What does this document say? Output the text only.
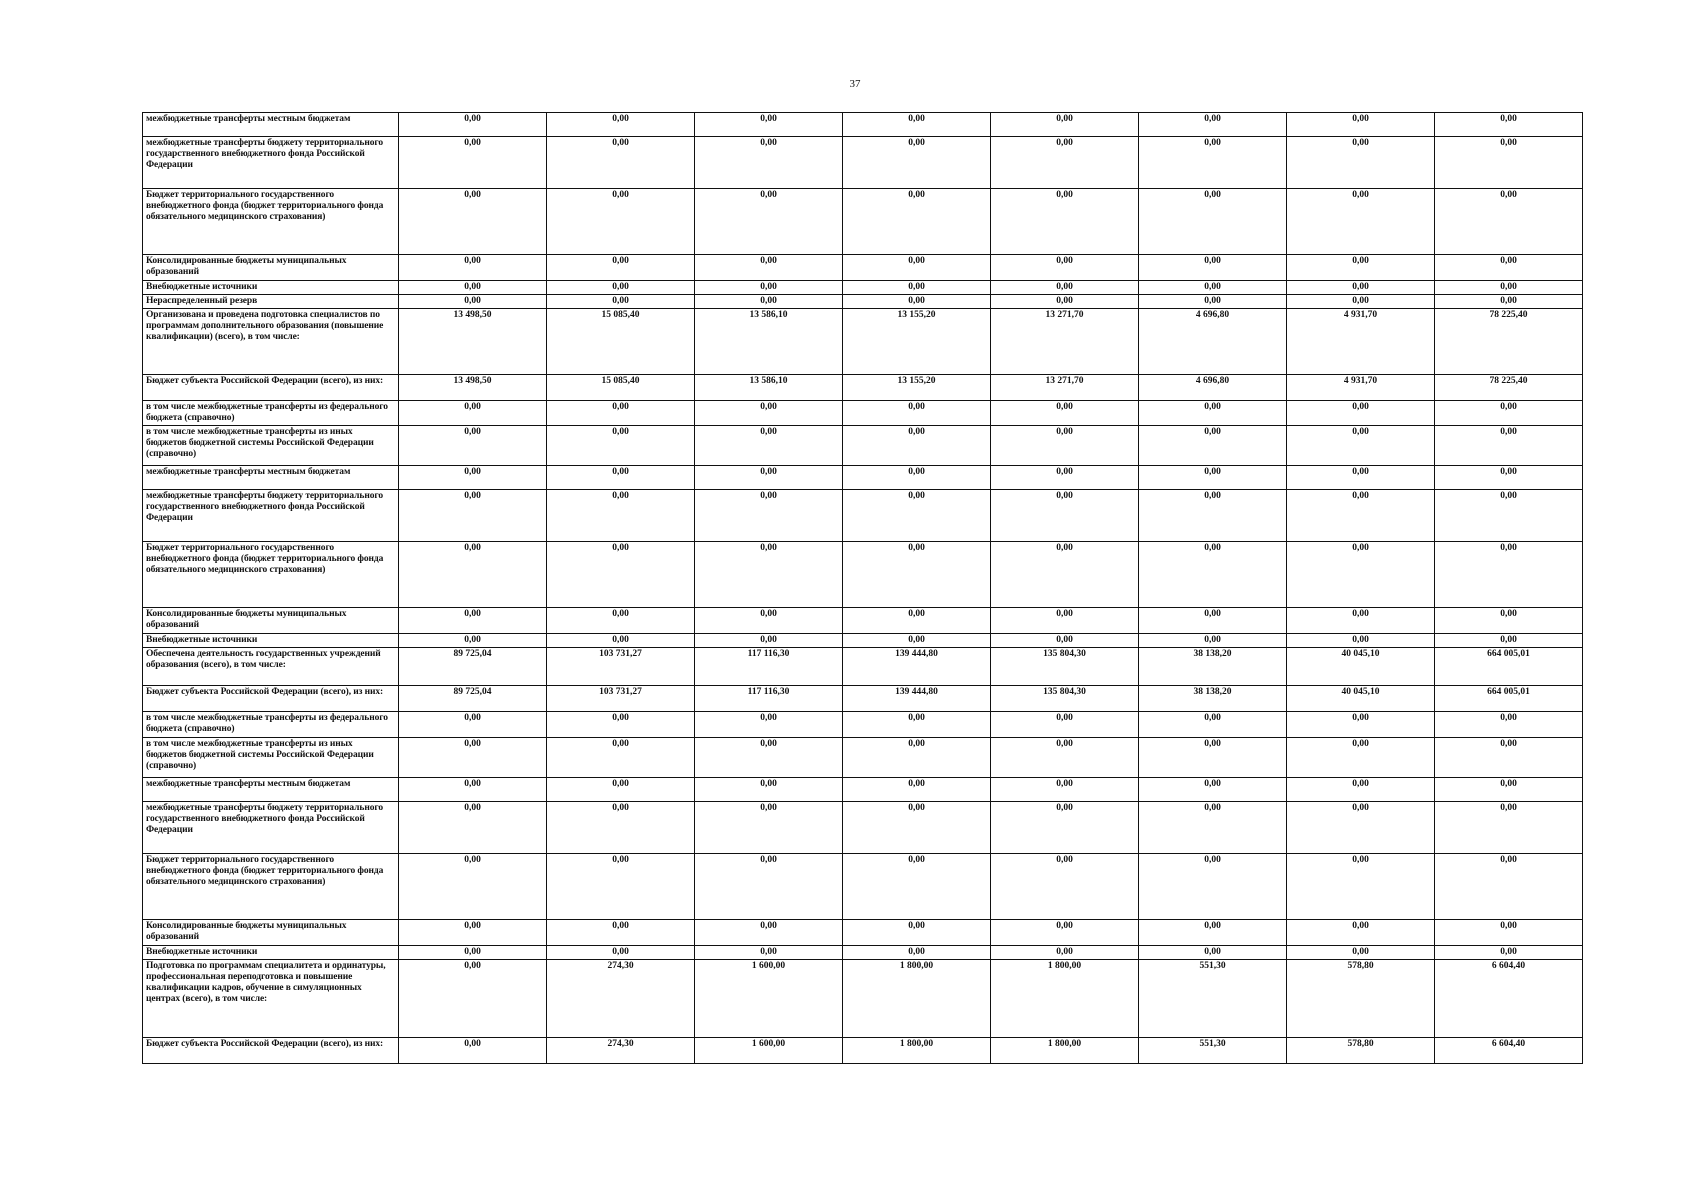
37
межбюджетные трансферты местным бюджетам	0,00	0,00	0,00	0,00	0,00	0,00	0,00	0,00
межбюджетные трансферты бюджету территориального государственного внебюджетного фонда Российской Федерации	0,00	0,00	0,00	0,00	0,00	0,00	0,00	0,00
Бюджет территориального государственного внебюджетного фонда (бюджет территориального фонда обязательного медицинского страхования)	0,00	0,00	0,00	0,00	0,00	0,00	0,00	0,00
Консолидированные бюджеты муниципальных образований	0,00	0,00	0,00	0,00	0,00	0,00	0,00	0,00
Внебюджетные источники	0,00	0,00	0,00	0,00	0,00	0,00	0,00	0,00
Нераспределенный резерв	0,00	0,00	0,00	0,00	0,00	0,00	0,00	0,00
Организована и проведена подготовка специалистов по программам дополнительного образования (повышение квалификации) (всего), в том числе:	13 498,50	15 085,40	13 586,10	13 155,20	13 271,70	4 696,80	4 931,70	78 225,40
Бюджет субъекта Российской Федерации (всего), из них:	13 498,50	15 085,40	13 586,10	13 155,20	13 271,70	4 696,80	4 931,70	78 225,40
в том числе межбюджетные трансферты из федерального бюджета (справочно)	0,00	0,00	0,00	0,00	0,00	0,00	0,00	0,00
в том числе межбюджетные трансферты из иных бюджетов бюджетной системы Российской Федерации (справочно)	0,00	0,00	0,00	0,00	0,00	0,00	0,00	0,00
межбюджетные трансферты местным бюджетам	0,00	0,00	0,00	0,00	0,00	0,00	0,00	0,00
межбюджетные трансферты бюджету территориального государственного внебюджетного фонда Российской Федерации	0,00	0,00	0,00	0,00	0,00	0,00	0,00	0,00
Бюджет территориального государственного внебюджетного фонда (бюджет территориального фонда обязательного медицинского страхования)	0,00	0,00	0,00	0,00	0,00	0,00	0,00	0,00
Консолидированные бюджеты муниципальных образований	0,00	0,00	0,00	0,00	0,00	0,00	0,00	0,00
Внебюджетные источники	0,00	0,00	0,00	0,00	0,00	0,00	0,00	0,00
Обеспечена деятельность государственных учреждений образования (всего), в том числе:	89 725,04	103 731,27	117 116,30	139 444,80	135 804,30	38 138,20	40 045,10	664 005,01
Бюджет субъекта Российской Федерации (всего), из них:	89 725,04	103 731,27	117 116,30	139 444,80	135 804,30	38 138,20	40 045,10	664 005,01
в том числе межбюджетные трансферты из федерального бюджета (справочно)	0,00	0,00	0,00	0,00	0,00	0,00	0,00	0,00
в том числе межбюджетные трансферты из иных бюджетов бюджетной системы Российской Федерации (справочно)	0,00	0,00	0,00	0,00	0,00	0,00	0,00	0,00
межбюджетные трансферты местным бюджетам	0,00	0,00	0,00	0,00	0,00	0,00	0,00	0,00
межбюджетные трансферты бюджету территориального государственного внебюджетного фонда Российской Федерации	0,00	0,00	0,00	0,00	0,00	0,00	0,00	0,00
Бюджет территориального государственного внебюджетного фонда (бюджет территориального фонда обязательного медицинского страхования)	0,00	0,00	0,00	0,00	0,00	0,00	0,00	0,00
Консолидированные бюджеты муниципальных образований	0,00	0,00	0,00	0,00	0,00	0,00	0,00	0,00
Внебюджетные источники	0,00	0,00	0,00	0,00	0,00	0,00	0,00	0,00
Подготовка по программам специалитета и ординатуры, профессиональная переподготовка и повышение квалификации кадров, обучение в симуляционных центрах (всего), в том числе:	0,00	274,30	1 600,00	1 800,00	1 800,00	551,30	578,80	6 604,40
Бюджет субъекта Российской Федерации (всего), из них:	0,00	274,30	1 600,00	1 800,00	1 800,00	551,30	578,80	6 604,40
